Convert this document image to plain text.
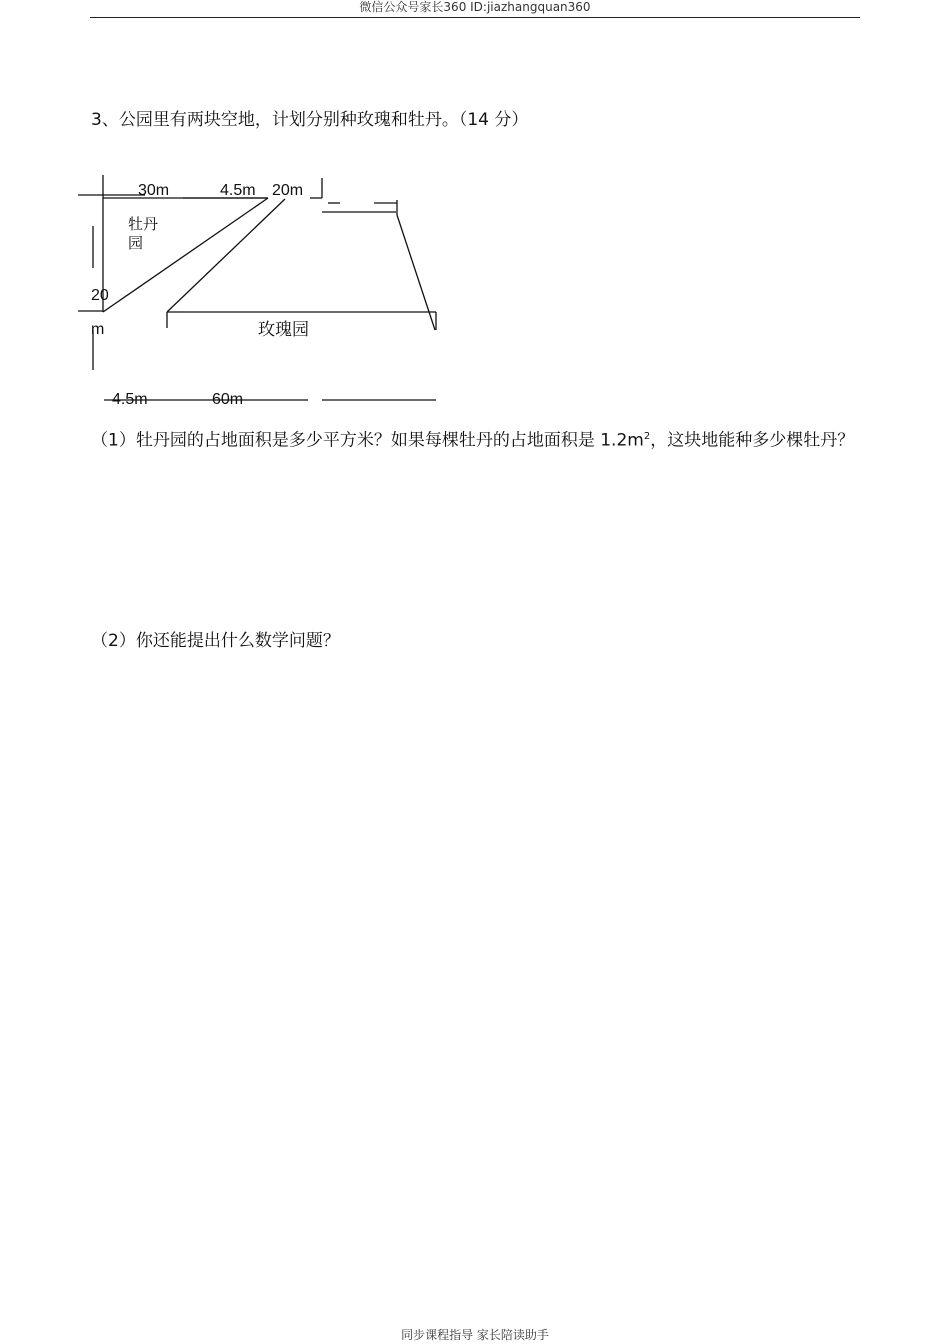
微信公众号家长360 ID:jiazhangquan360
3、公园里有两块空地，计划分别种玫瑰和牡丹。（14 分）
30m	4.5m 20m
20
m
4.5m	60m
牡丹
园
玫瑰园
（1）牡丹园的占地面积是多少平方米？如果每棵牡丹的占地面积是 $1.2m^2$，这块地能种多少棵牡丹？
（2）你还能提出什么数学问题？
同步课程指导 家长陪读助手
